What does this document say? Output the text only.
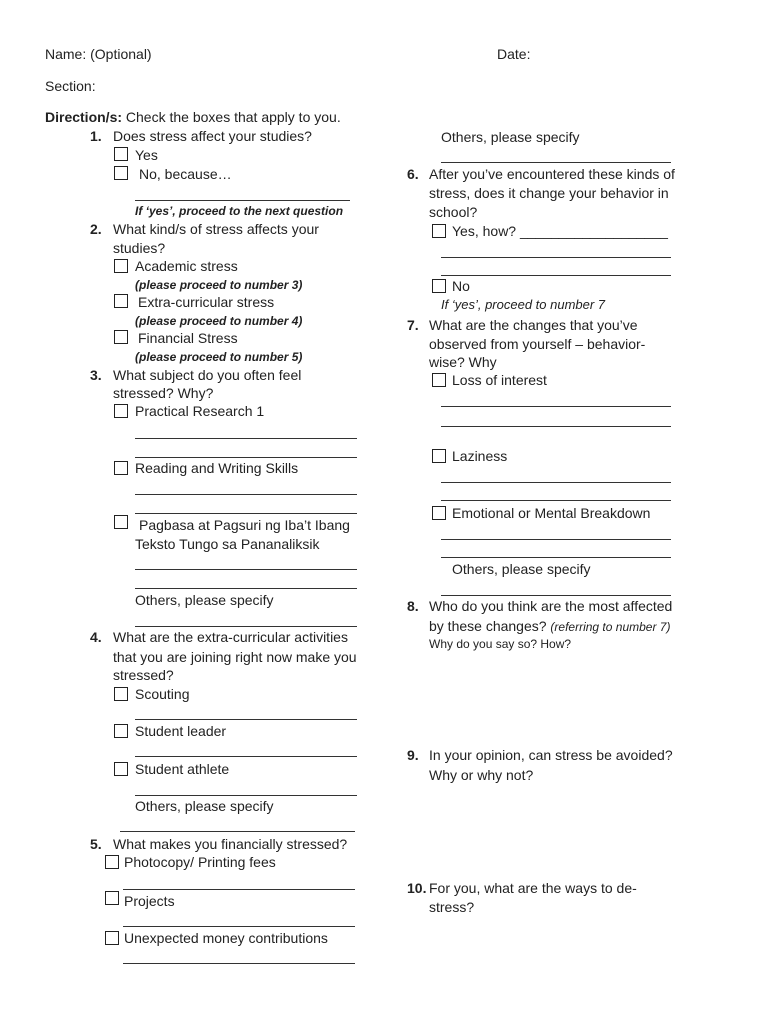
Name: (Optional)	Date:
Section:
Direction/s: Check the boxes that apply to you.
1. Does stress affect your studies?
Yes
No, because…
If ‘yes’, proceed to the next question
2. What kind/s of stress affects your
studies?
Academic stress
(please proceed to number 3)
Extra-curricular stress
(please proceed to number 4)
Financial Stress
(please proceed to number 5)
3. What subject do you often feel
stressed? Why?
Practical Research 1
Reading and Writing Skills
Pagbasa at Pagsuri ng Iba’t Ibang
Teksto Tungo sa Pananaliksik
Others, please specify
4. What are the extra-curricular activities
that you are joining right now make you
stressed?
Scouting
Student leader
Student athlete
Others, please specify
5. What makes you financially stressed?
Photocopy/ Printing fees
Projects
Unexpected money contributions
Others, please specify
6. After you’ve encountered these kinds of
stress, does it change your behavior in
school?
Yes, how? ___________________
No
If ‘yes’, proceed to number 7
7. What are the changes that you’ve
observed from yourself – behavior-
wise? Why
Loss of interest
Laziness
Emotional or Mental Breakdown
Others, please specify
8. Who do you think are the most affected
by these changes? (referring to number 7)
Why do you say so? How?
9. In your opinion, can stress be avoided?
Why or why not?
10. For you, what are the ways to de-
stress?
